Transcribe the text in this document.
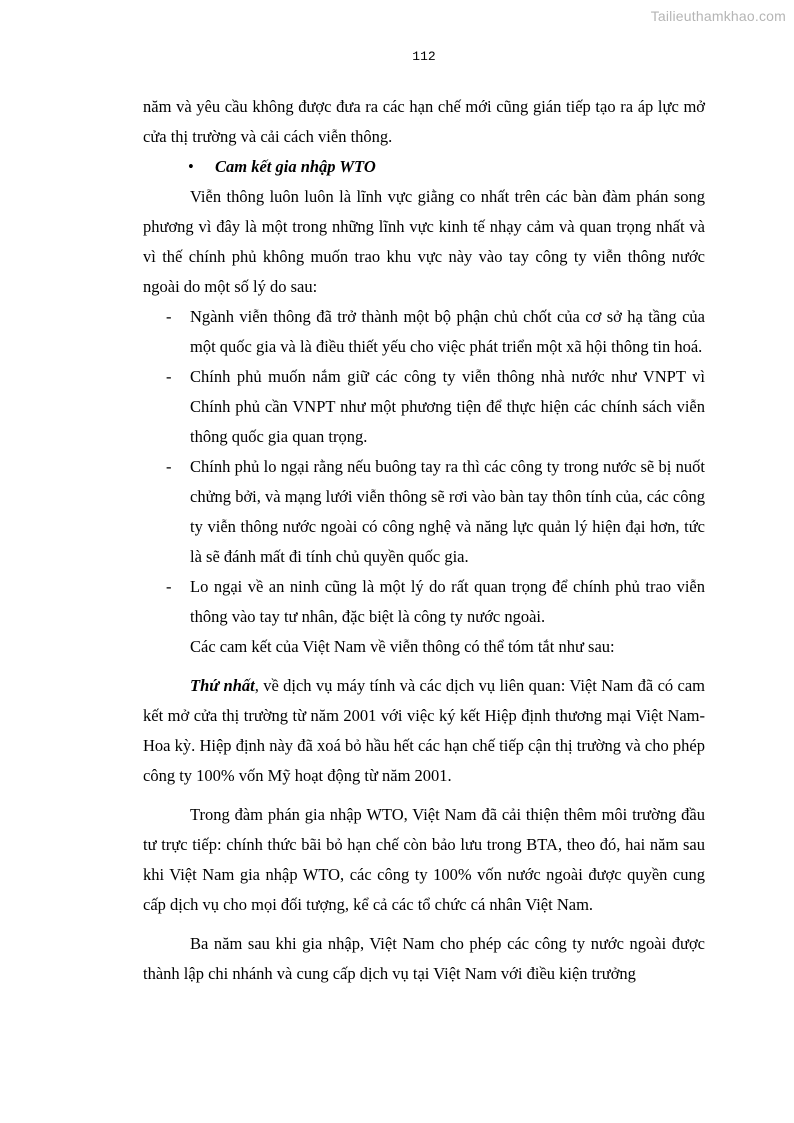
Tailieuthamkhao.com
112

năm và yêu cầu không được đưa ra các hạn chế mới cũng gián tiếp tạo ra áp lực mở cửa thị trường và cải cách viễn thông.

• Cam kết gia nhập WTO

Viễn thông luôn luôn là lĩnh vực giằng co nhất trên các bàn đàm phán song phương vì đây là một trong những lĩnh vực kinh tế nhạy cảm và quan trọng nhất và vì thế chính phủ không muốn trao khu vực này vào tay công ty viễn thông nước ngoài do một số lý do sau:

- Ngành viễn thông đã trở thành một bộ phận chủ chốt của cơ sở hạ tầng của một quốc gia và là điều thiết yếu cho việc phát triển một xã hội thông tin hoá.
- Chính phủ muốn nắm giữ các công ty viễn thông nhà nước như VNPT vì Chính phủ cần VNPT như một phương tiện để thực hiện các chính sách viễn thông quốc gia quan trọng.
- Chính phủ lo ngại rằng nếu buông tay ra thì các công ty trong nước sẽ bị nuốt chửng bởi, và mạng lưới viễn thông sẽ rơi vào bàn tay thôn tính của, các công ty viễn thông nước ngoài có công nghệ và năng lực quản lý hiện đại hơn, tức là sẽ đánh mất đi tính chủ quyền quốc gia.
- Lo ngại về an ninh cũng là một lý do rất quan trọng để chính phủ trao viễn thông vào tay tư nhân, đặc biệt là công ty nước ngoài.

Các cam kết của Việt Nam về viễn thông có thể tóm tắt như sau:

Thứ nhất, về dịch vụ máy tính và các dịch vụ liên quan: Việt Nam đã có cam kết mở cửa thị trường từ năm 2001 với việc ký kết Hiệp định thương mại Việt Nam-Hoa kỳ. Hiệp định này đã xoá bỏ hầu hết các hạn chế tiếp cận thị trường và cho phép công ty 100% vốn Mỹ hoạt động từ năm 2001.

Trong đàm phán gia nhập WTO, Việt Nam đã cải thiện thêm môi trường đầu tư trực tiếp: chính thức bãi bỏ hạn chế còn bảo lưu trong BTA, theo đó, hai năm sau khi Việt Nam gia nhập WTO, các công ty 100% vốn nước ngoài được quyền cung cấp dịch vụ cho mọi đối tượng, kể cả các tổ chức cá nhân Việt Nam.

Ba năm sau khi gia nhập, Việt Nam cho phép các công ty nước ngoài được thành lập chi nhánh và cung cấp dịch vụ tại Việt Nam với điều kiện trưởng
